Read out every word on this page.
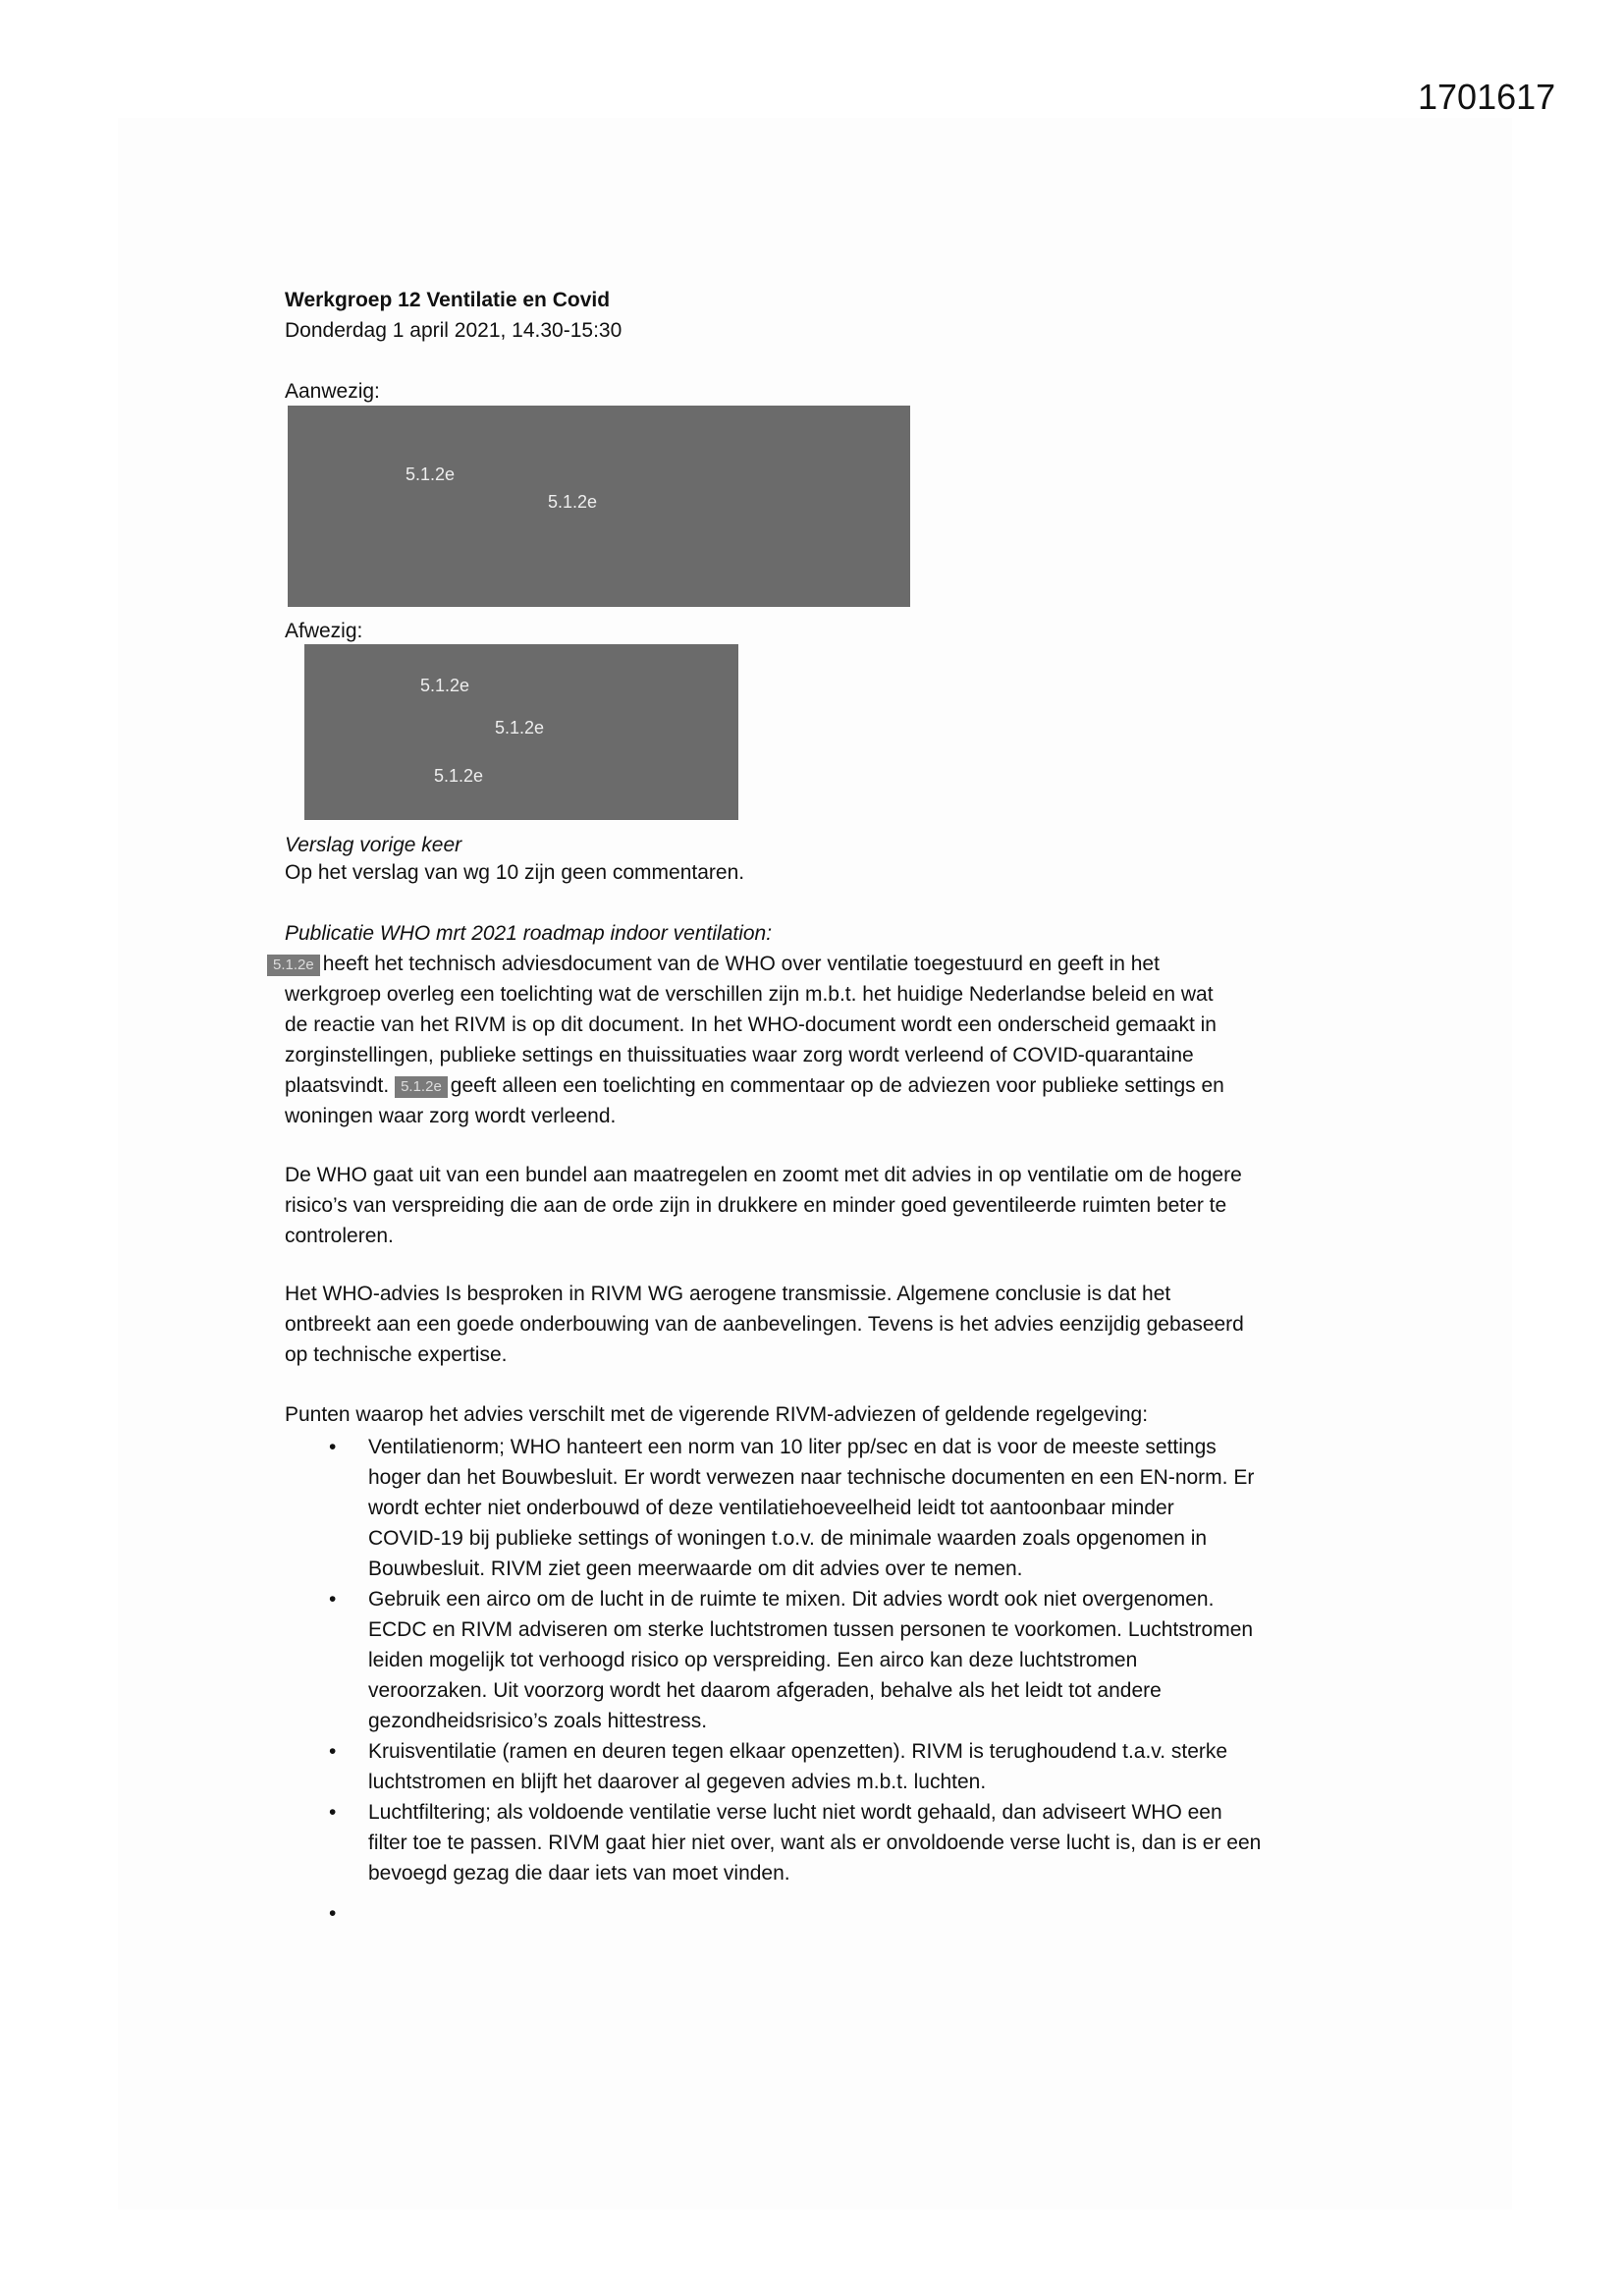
1701617
Werkgroep 12 Ventilatie en Covid
Donderdag 1 april 2021, 14.30-15:30
Aanwezig:
5.1.2e
5.1.2e
Afwezig:
5.1.2e
5.1.2e
5.1.2e
Verslag vorige keer
Op het verslag van wg 10 zijn geen commentaren.
Publicatie WHO mrt 2021 roadmap indoor ventilation:
5.1.2e heeft het technisch adviesdocument van de WHO over ventilatie toegestuurd en geeft in het
werkgroep overleg een toelichting wat de verschillen zijn m.b.t. het huidige Nederlandse beleid en wat
de reactie van het RIVM is op dit document. In het WHO-document wordt een onderscheid gemaakt in
zorginstellingen, publieke settings en thuissituaties waar zorg wordt verleend of COVID-quarantaine
plaatsvindt. 5.1.2e geeft alleen een toelichting en commentaar op de adviezen voor publieke settings en
woningen waar zorg wordt verleend.
De WHO gaat uit van een bundel aan maatregelen en zoomt met dit advies in op ventilatie om de hogere
risico’s van verspreiding die aan de orde zijn in drukkere en minder goed geventileerde ruimten beter te
controleren.
Het WHO-advies Is besproken in RIVM WG aerogene transmissie. Algemene conclusie is dat het
ontbreekt aan een goede onderbouwing van de aanbevelingen. Tevens is het advies eenzijdig gebaseerd
op technische expertise.
Punten waarop het advies verschilt met de vigerende RIVM-adviezen of geldende regelgeving:
• Ventilatienorm; WHO hanteert een norm van 10 liter pp/sec en dat is voor de meeste settings
hoger dan het Bouwbesluit. Er wordt verwezen naar technische documenten en een EN-norm. Er
wordt echter niet onderbouwd of deze ventilatiehoeveelheid leidt tot aantoonbaar minder
COVID-19 bij publieke settings of woningen t.o.v. de minimale waarden zoals opgenomen in
Bouwbesluit. RIVM ziet geen meerwaarde om dit advies over te nemen.
• Gebruik een airco om de lucht in de ruimte te mixen. Dit advies wordt ook niet overgenomen.
ECDC en RIVM adviseren om sterke luchtstromen tussen personen te voorkomen. Luchtstromen
leiden mogelijk tot verhoogd risico op verspreiding. Een airco kan deze luchtstromen
veroorzaken. Uit voorzorg wordt het daarom afgeraden, behalve als het leidt tot andere
gezondheidsrisico’s zoals hittestress.
• Kruisventilatie (ramen en deuren tegen elkaar openzetten). RIVM is terughoudend t.a.v. sterke
luchtstromen en blijft het daarover al gegeven advies m.b.t. luchten.
• Luchtfiltering; als voldoende ventilatie verse lucht niet wordt gehaald, dan adviseert WHO een
filter toe te passen. RIVM gaat hier niet over, want als er onvoldoende verse lucht is, dan is er een
bevoegd gezag die daar iets van moet vinden.
•
